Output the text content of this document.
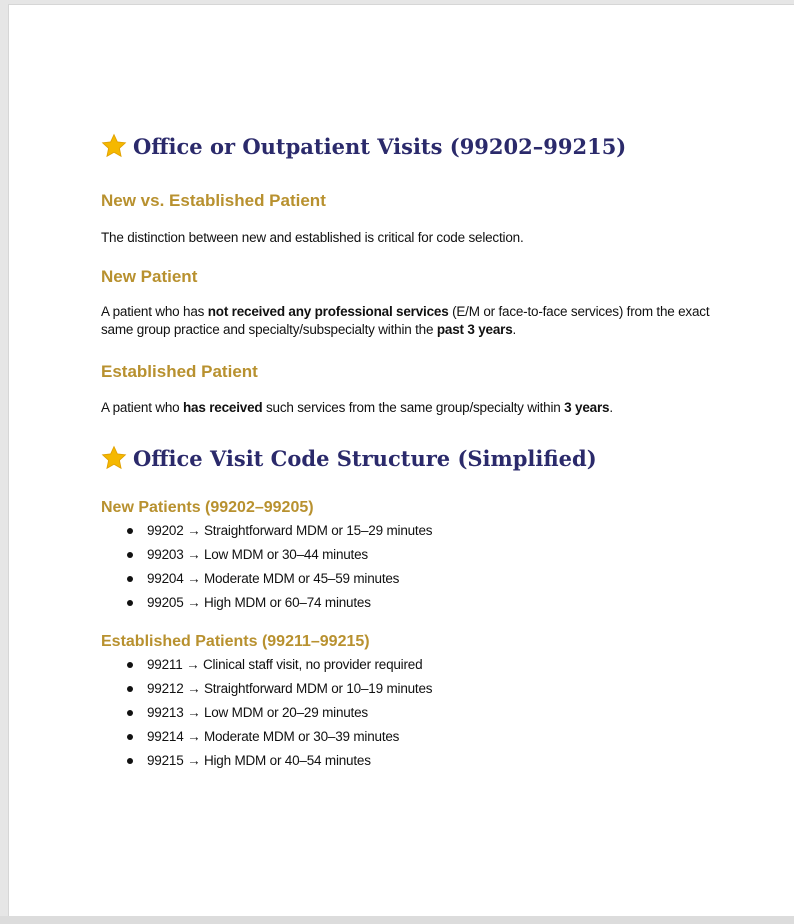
Office or Outpatient Visits (99202–99215)
New vs. Established Patient
The distinction between new and established is critical for code selection.
New Patient
A patient who has not received any professional services (E/M or face-to-face services) from the exact same group practice and specialty/subspecialty within the past 3 years.
Established Patient
A patient who has received such services from the same group/specialty within 3 years.
Office Visit Code Structure (Simplified)
New Patients (99202–99205)
99202 → Straightforward MDM or 15–29 minutes
99203 → Low MDM or 30–44 minutes
99204 → Moderate MDM or 45–59 minutes
99205 → High MDM or 60–74 minutes
Established Patients (99211–99215)
99211 → Clinical staff visit, no provider required
99212 → Straightforward MDM or 10–19 minutes
99213 → Low MDM or 20–29 minutes
99214 → Moderate MDM or 30–39 minutes
99215 → High MDM or 40–54 minutes
